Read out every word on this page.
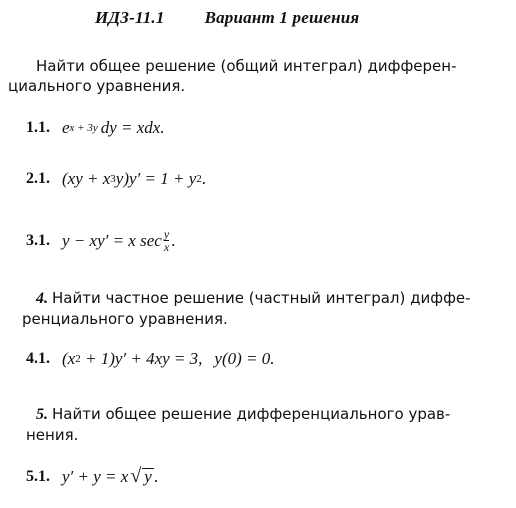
ИДЗ-11.1 Вариант 1 решения
Найти общее решение (общий интеграл) дифферен-
циального уравнения.
1.1. e x + 3y dy = xdx.
2.1. (xy + x 3 y)y′ = 1 + y 2 .
3.1. y − xy′ = x $\sec \frac{y}{x}$ .
4. Найти частное решение (частный интеграл) диффе-
ренциального уравнения.
4.1. (x 2 + 1)y′ + 4xy = 3, y(0) = 0.
5. Найти общее решение дифференциального урав-
нения.
5.1. y′ + y = x √ y .
